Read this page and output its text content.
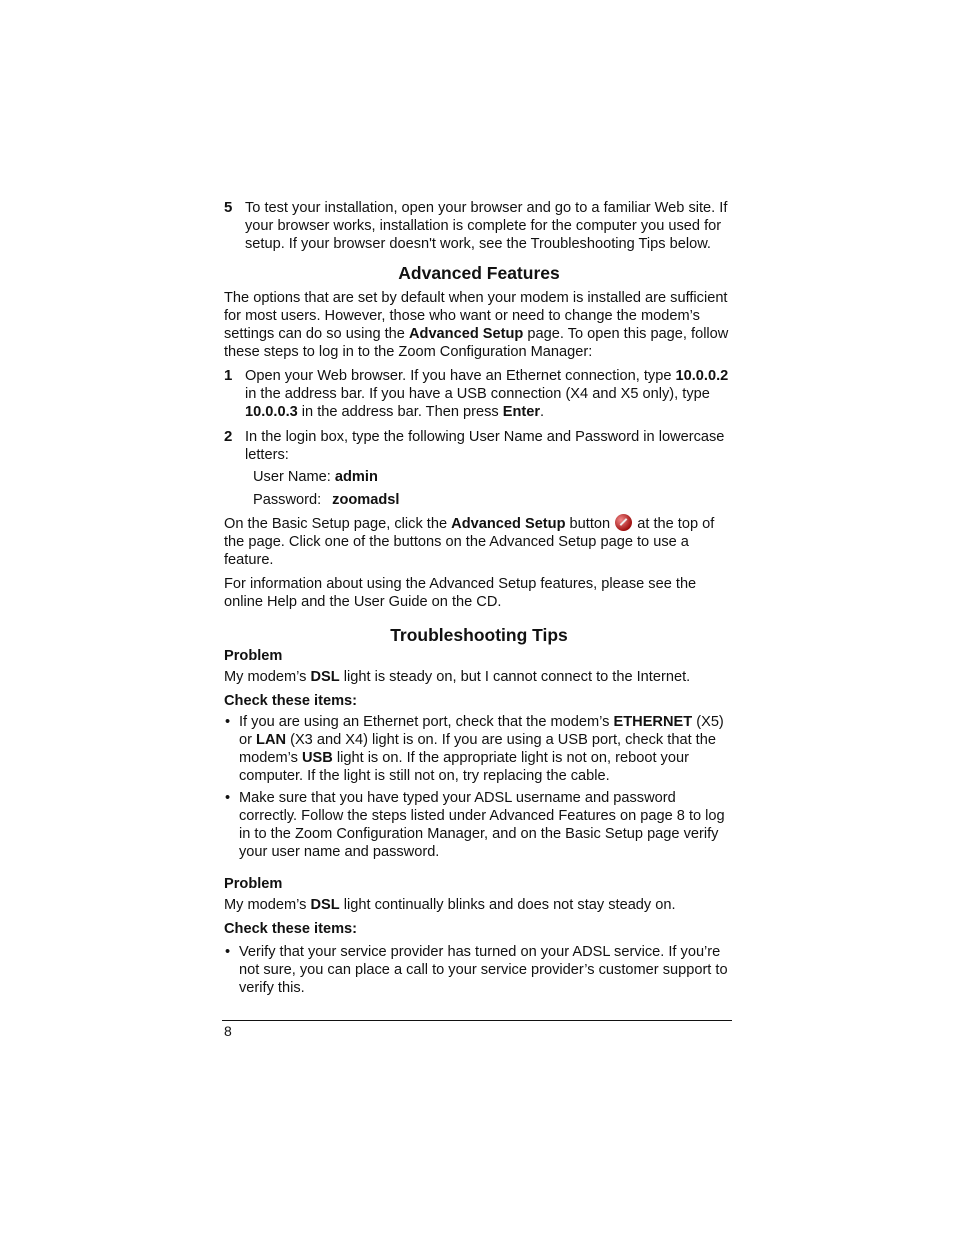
5 To test your installation, open your browser and go to a familiar Web site. If your browser works, installation is complete for the computer you used for setup. If your browser doesn't work, see the Troubleshooting Tips below.
Advanced Features

The options that are set by default when your modem is installed are sufficient for most users. However, those who want or need to change the modem’s settings can do so using the Advanced Setup page. To open this page, follow these steps to log in to the Zoom Configuration Manager:

1 Open your Web browser. If you have an Ethernet connection, type 10.0.0.2 in the address bar. If you have a USB connection (X4 and X5 only), type 10.0.0.3 in the address bar. Then press Enter.
2 In the login box, type the following User Name and Password in lowercase letters:
User Name: admin
Password: zoomadsl

On the Basic Setup page, click the Advanced Setup button  at the top of the page. Click one of the buttons on the Advanced Setup page to use a feature.

For information about using the Advanced Setup features, please see the online Help and the User Guide on the CD.

Troubleshooting Tips
Problem

My modem’s DSL light is steady on, but I cannot connect to the Internet.

Check these items:
• If you are using an Ethernet port, check that the modem’s ETHERNET (X5) or LAN (X3 and X4) light is on. If you are using a USB port, check that the modem’s USB light is on. If the appropriate light is not on, reboot your computer. If the light is still not on, try replacing the cable.
• Make sure that you have typed your ADSL username and password correctly. Follow the steps listed under Advanced Features on page 8 to log in to the Zoom Configuration Manager, and on the Basic Setup page verify your user name and password.
Problem

My modem’s DSL light continually blinks and does not stay steady on.

Check these items:
• Verify that your service provider has turned on your ADSL service. If you’re not sure, you can place a call to your service provider’s customer support to verify this.
8
